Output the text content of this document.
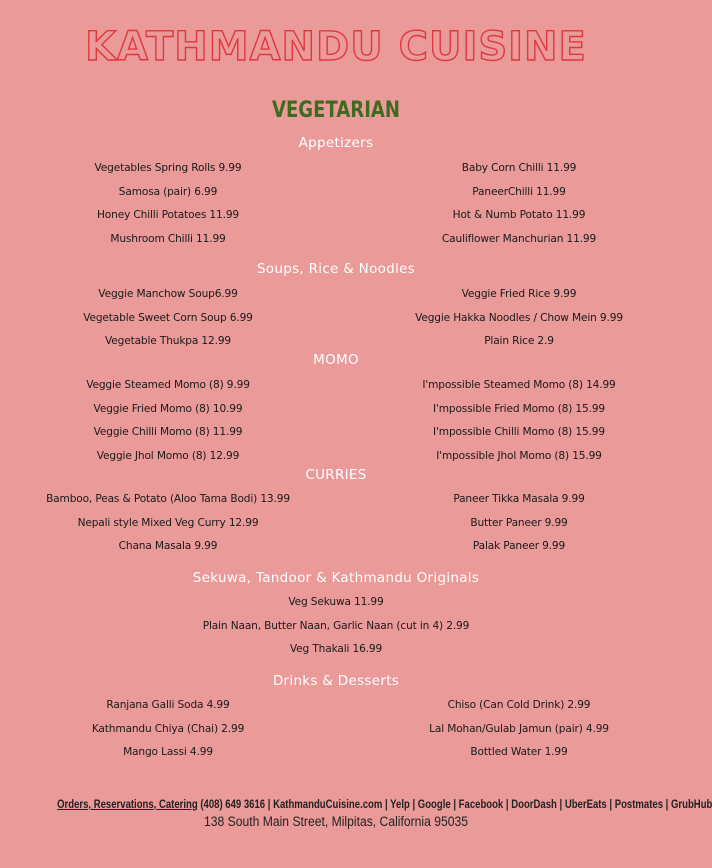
KATHMANDU CUISINE
VEGETARIAN
Appetizers
Vegetables Spring Rolls 9.99
Samosa (pair) 6.99
Honey Chilli Potatoes 11.99
Mushroom Chilli 11.99
Baby Corn Chilli 11.99
PaneerChilli 11.99
Hot & Numb Potato 11.99
Cauliflower Manchurian 11.99
Soups, Rice & Noodles
Veggie Manchow Soup6.99
Vegetable Sweet Corn Soup 6.99
Vegetable Thukpa 12.99
Veggie Fried Rice 9.99
Veggie Hakka Noodles / Chow Mein 9.99
Plain Rice 2.9
MOMO
Veggie Steamed Momo (8) 9.99
Veggie Fried Momo (8) 10.99
Veggie Chilli Momo (8) 11.99
Veggie Jhol Momo (8) 12.99
I'mpossible Steamed Momo (8) 14.99
I'mpossible Fried Momo (8) 15.99
I'mpossible Chilli Momo (8) 15.99
I'mpossible Jhol Momo (8) 15.99
CURRIES
Bamboo, Peas & Potato (Aloo Tama Bodi) 13.99
Nepali style Mixed Veg Curry 12.99
Chana Masala 9.99
Paneer Tikka Masala 9.99
Butter Paneer 9.99
Palak Paneer 9.99
Sekuwa, Tandoor & Kathmandu Originals
Veg Sekuwa 11.99
Plain Naan, Butter Naan, Garlic Naan (cut in 4) 2.99
Veg Thakali 16.99
Drinks & Desserts
Ranjana Galli Soda 4.99
Kathmandu Chiya (Chai) 2.99
Mango Lassi 4.99
Chiso (Can Cold Drink) 2.99
Lal Mohan/Gulab Jamun (pair) 4.99
Bottled Water 1.99
Orders, Reservations, Catering (408) 649 3616 | KathmanduCuisine.com | Yelp | Google | Facebook | DoorDash | UberEats | Postmates | GrubHub
138 South Main Street, Milpitas, California 95035
